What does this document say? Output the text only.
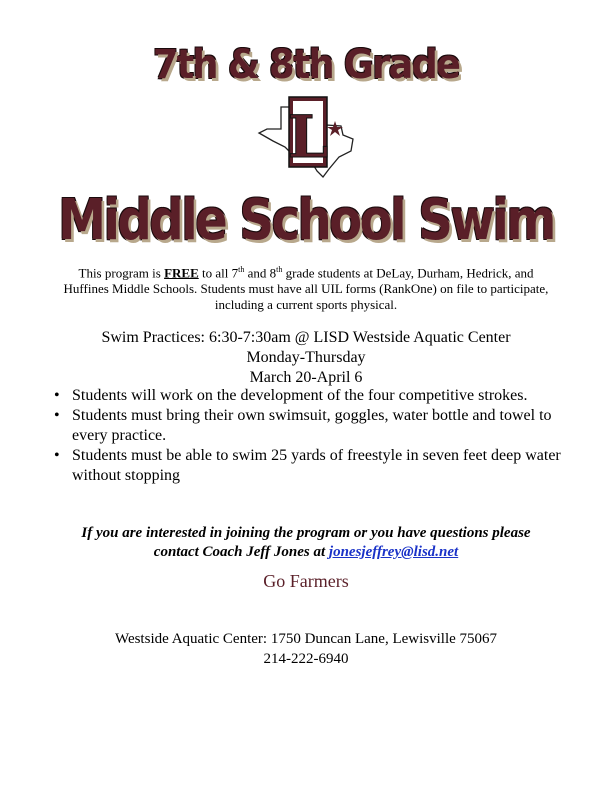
7th & 8th Grade
L
Middle School Swim
This program is FREE to all 7th and 8th grade students at DeLay, Durham, Hedrick, and
Huffines Middle Schools. Students must have all UIL forms (RankOne) on file to participate,
including a current sports physical.
Swim Practices: 6:30-7:30am @ LISD Westside Aquatic Center
Monday-Thursday
March 20-April 6
• Students will work on the development of the four competitive strokes.
• Students must bring their own swimsuit, goggles, water bottle and towel to every practice.
• Students must be able to swim 25 yards of freestyle in seven feet deep water without stopping
If you are interested in joining the program or you have questions please
contact Coach Jeff Jones at jonesjeffrey@lisd.net
Go Farmers
Westside Aquatic Center: 1750 Duncan Lane, Lewisville 75067
214-222-6940
